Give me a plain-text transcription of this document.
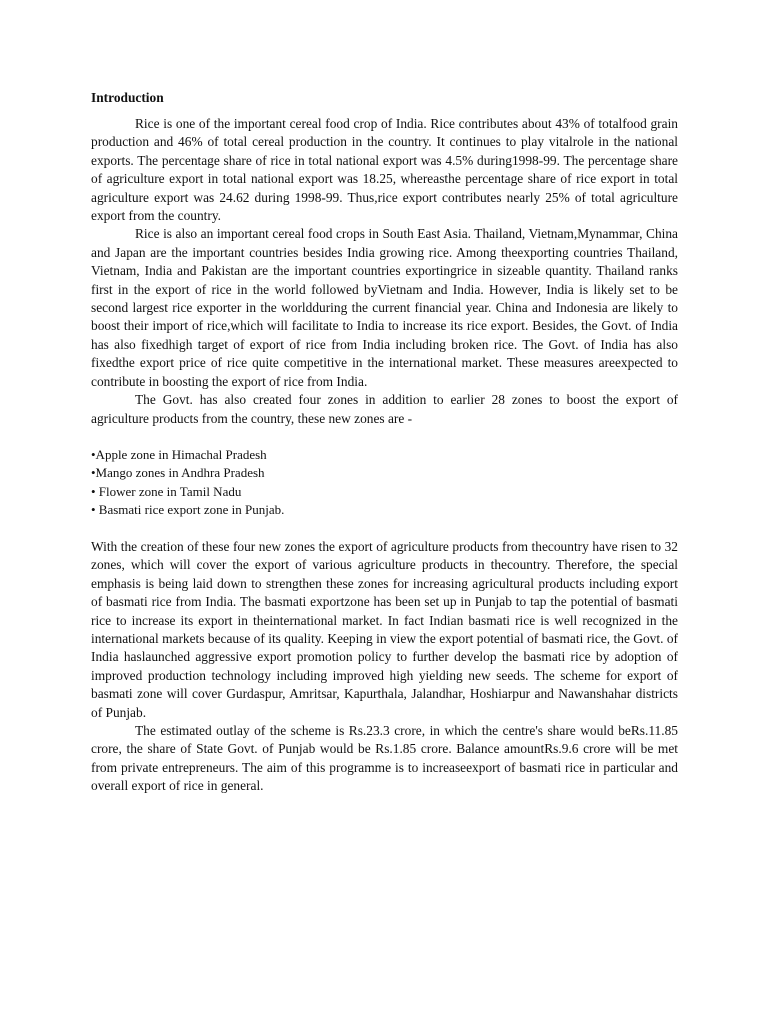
Introduction

Rice is one of the important cereal food crop of India. Rice contributes about 43% of totalfood grain production and 46% of total cereal production in the country. It continues to play vitalrole in the national exports. The percentage share of rice in total national export was 4.5% during1998-99. The percentage share of agriculture export in total national export was 18.25, whereasthe percentage share of rice export in total agriculture export was 24.62 during 1998-99. Thus,rice export contributes nearly 25% of total agriculture export from the country.

Rice is also an important cereal food crops in South East Asia. Thailand, Vietnam,Mynammar, China and Japan are the important countries besides India growing rice. Among theexporting countries Thailand, Vietnam, India and Pakistan are the important countries exportingrice in sizeable quantity. Thailand ranks first in the export of rice in the world followed byVietnam and India. However, India is likely set to be second largest rice exporter in the worldduring the current financial year. China and Indonesia are likely to boost their import of rice,which will facilitate to India to increase its rice export. Besides, the Govt. of India has also fixedhigh target of export of rice from India including broken rice. The Govt. of India has also fixedthe export price of rice quite competitive in the international market. These measures areexpected to contribute in boosting the export of rice from India.

The Govt. has also created four zones in addition to earlier 28 zones to boost the export of agriculture products from the country, these new zones are -

•Apple zone in Himachal Pradesh
•Mango zones in Andhra Pradesh
• Flower zone in Tamil Nadu
• Basmati rice export zone in Punjab.

With the creation of these four new zones the export of agriculture products from thecountry have risen to 32 zones, which will cover the export of various agriculture products in thecountry. Therefore, the special emphasis is being laid down to strengthen these zones for increasing agricultural products including export of basmati rice from India. The basmati exportzone has been set up in Punjab to tap the potential of basmati rice to increase its export in theinternational market. In fact Indian basmati rice is well recognized in the international markets because of its quality. Keeping in view the export potential of basmati rice, the Govt. of India haslaunched aggressive export promotion policy to further develop the basmati rice by adoption of improved production technology including improved high yielding new seeds. The scheme for export of basmati zone will cover Gurdaspur, Amritsar, Kapurthala, Jalandhar, Hoshiarpur and Nawanshahar districts of Punjab.

The estimated outlay of the scheme is Rs.23.3 crore, in which the centre's share would beRs.11.85 crore, the share of State Govt. of Punjab would be Rs.1.85 crore. Balance amountRs.9.6 crore will be met from private entrepreneurs. The aim of this programme is to increaseexport of basmati rice in particular and overall export of rice in general.
